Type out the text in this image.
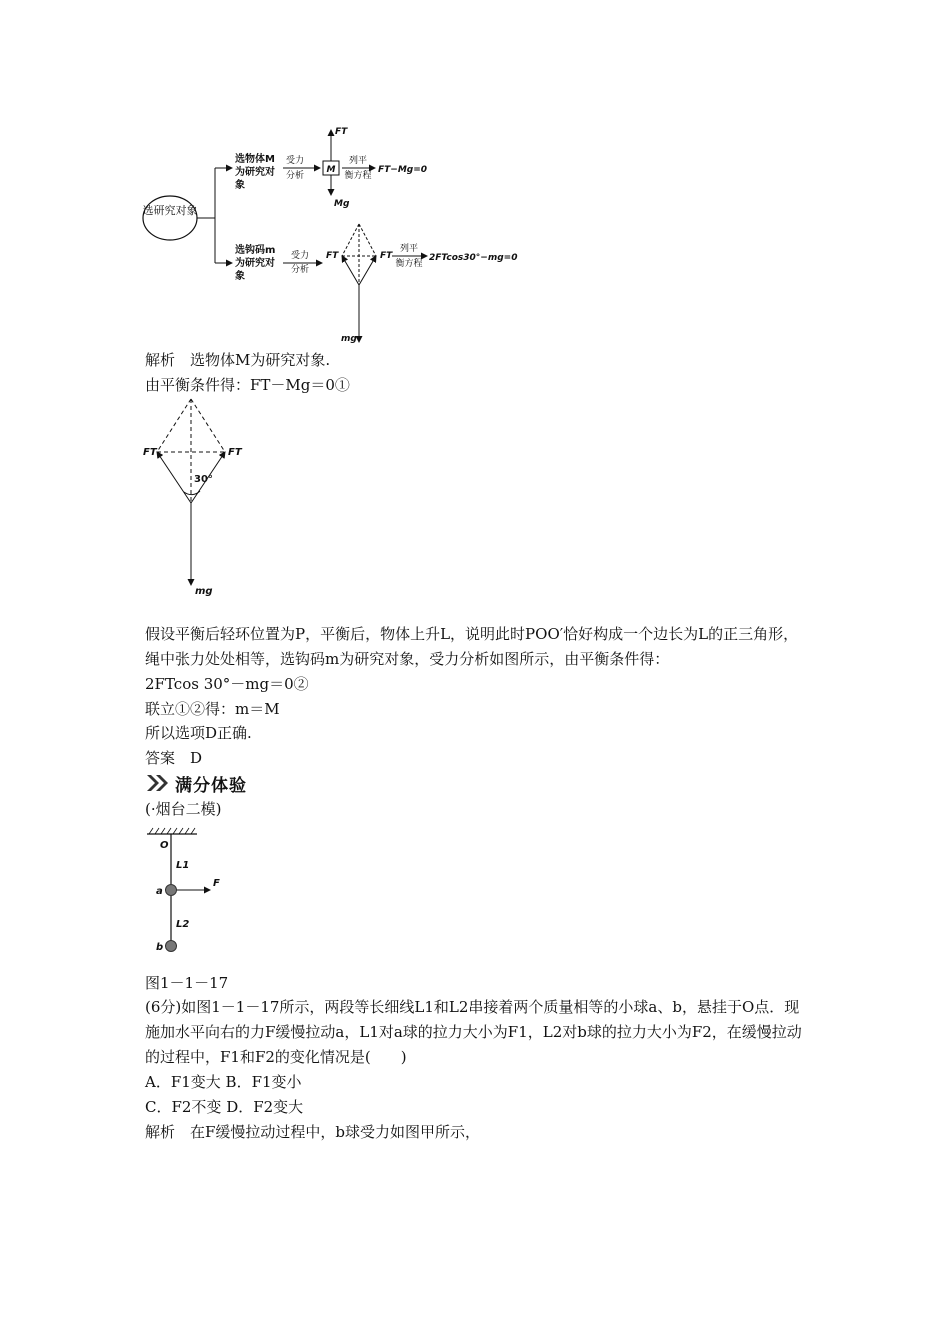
选研究对象
选物体M
为研究对
象
受力
分析
FT
M
Mg
列平
衡方程
FT−Mg=0
选钩码m
为研究对
象
受力
分析
FT	FT
mg
列平
衡方程
2FTcos30°−mg=0
解析　选物体M为研究对象.
由平衡条件得：FT－Mg＝0①
FT	FT
30°
mg
假设平衡后轻环位置为P，平衡后，物体上升L，说明此时POO′恰好构成一个边长为L的正三角形，绳中张力处处相等，选钩码m为研究对象，受力分析如图所示，由平衡条件得：
2FTcos 30°－mg＝0②
联立①②得：m＝M
所以选项D正确.
答案　D
满分体验
(·烟台二模)
O
L1
a
F
L2
b
图1－1－17
(6分)如图1－1－17所示，两段等长细线L1和L2串接着两个质量相等的小球a、b，悬挂于O点．现施加水平向右的力F缓慢拉动a，L1对a球的拉力大小为F1，L2对b球的拉力大小为F2，在缓慢拉动的过程中，F1和F2的变化情况是(　　)
A．F1变大 B．F1变小
C．F2不变 D．F2变大
解析　在F缓慢拉动过程中，b球受力如图甲所示，
